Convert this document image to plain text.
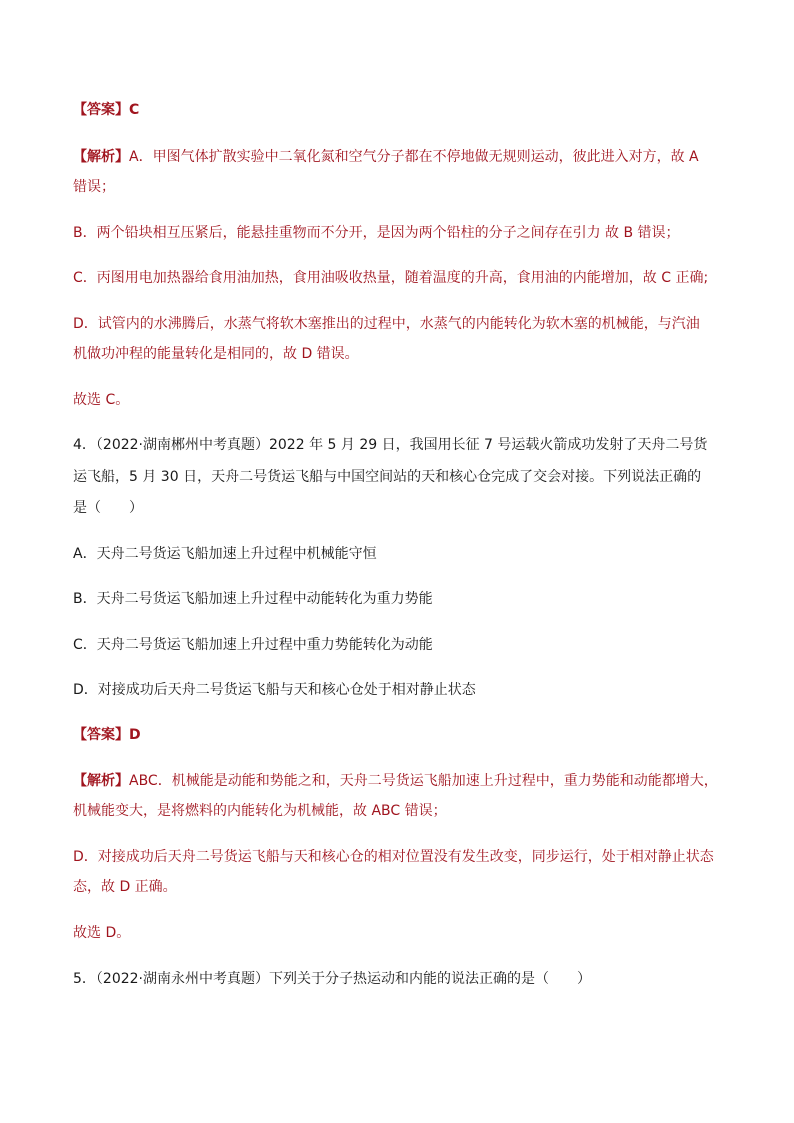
【答案】C
【解析】A．甲图气体扩散实验中二氧化氮和空气分子都在不停地做无规则运动，彼此进入对方，故 A
错误；
B．两个铅块相互压紧后，能悬挂重物而不分开，是因为两个铅柱的分子之间存在引力 故 B 错误；
C．丙图用电加热器给食用油加热，食用油吸收热量，随着温度的升高，食用油的内能增加，故 C 正确;
D．试管内的水沸腾后，水蒸气将软木塞推出的过程中，水蒸气的内能转化为软木塞的机械能，与汽油
机做功冲程的能量转化是相同的，故 D 错误。
故选 C。
4．（2022·湖南郴州中考真题）2022 年 5 月 29 日，我国用长征 7 号运载火箭成功发射了天舟二号货
运飞船，5 月 30 日，天舟二号货运飞船与中国空间站的天和核心仓完成了交会对接。下列说法正确的
是（　　）
A．天舟二号货运飞船加速上升过程中机械能守恒
B．天舟二号货运飞船加速上升过程中动能转化为重力势能
C．天舟二号货运飞船加速上升过程中重力势能转化为动能
D．对接成功后天舟二号货运飞船与天和核心仓处于相对静止状态
【答案】D
【解析】ABC．机械能是动能和势能之和，天舟二号货运飞船加速上升过程中，重力势能和动能都增大，
机械能变大，是将燃料的内能转化为机械能，故 ABC 错误；
D．对接成功后天舟二号货运飞船与天和核心仓的相对位置没有发生改变，同步运行，处于相对静止状态
态，故 D 正确。
故选 D。
5．（2022·湖南永州中考真题）下列关于分子热运动和内能的说法正确的是（　　）
